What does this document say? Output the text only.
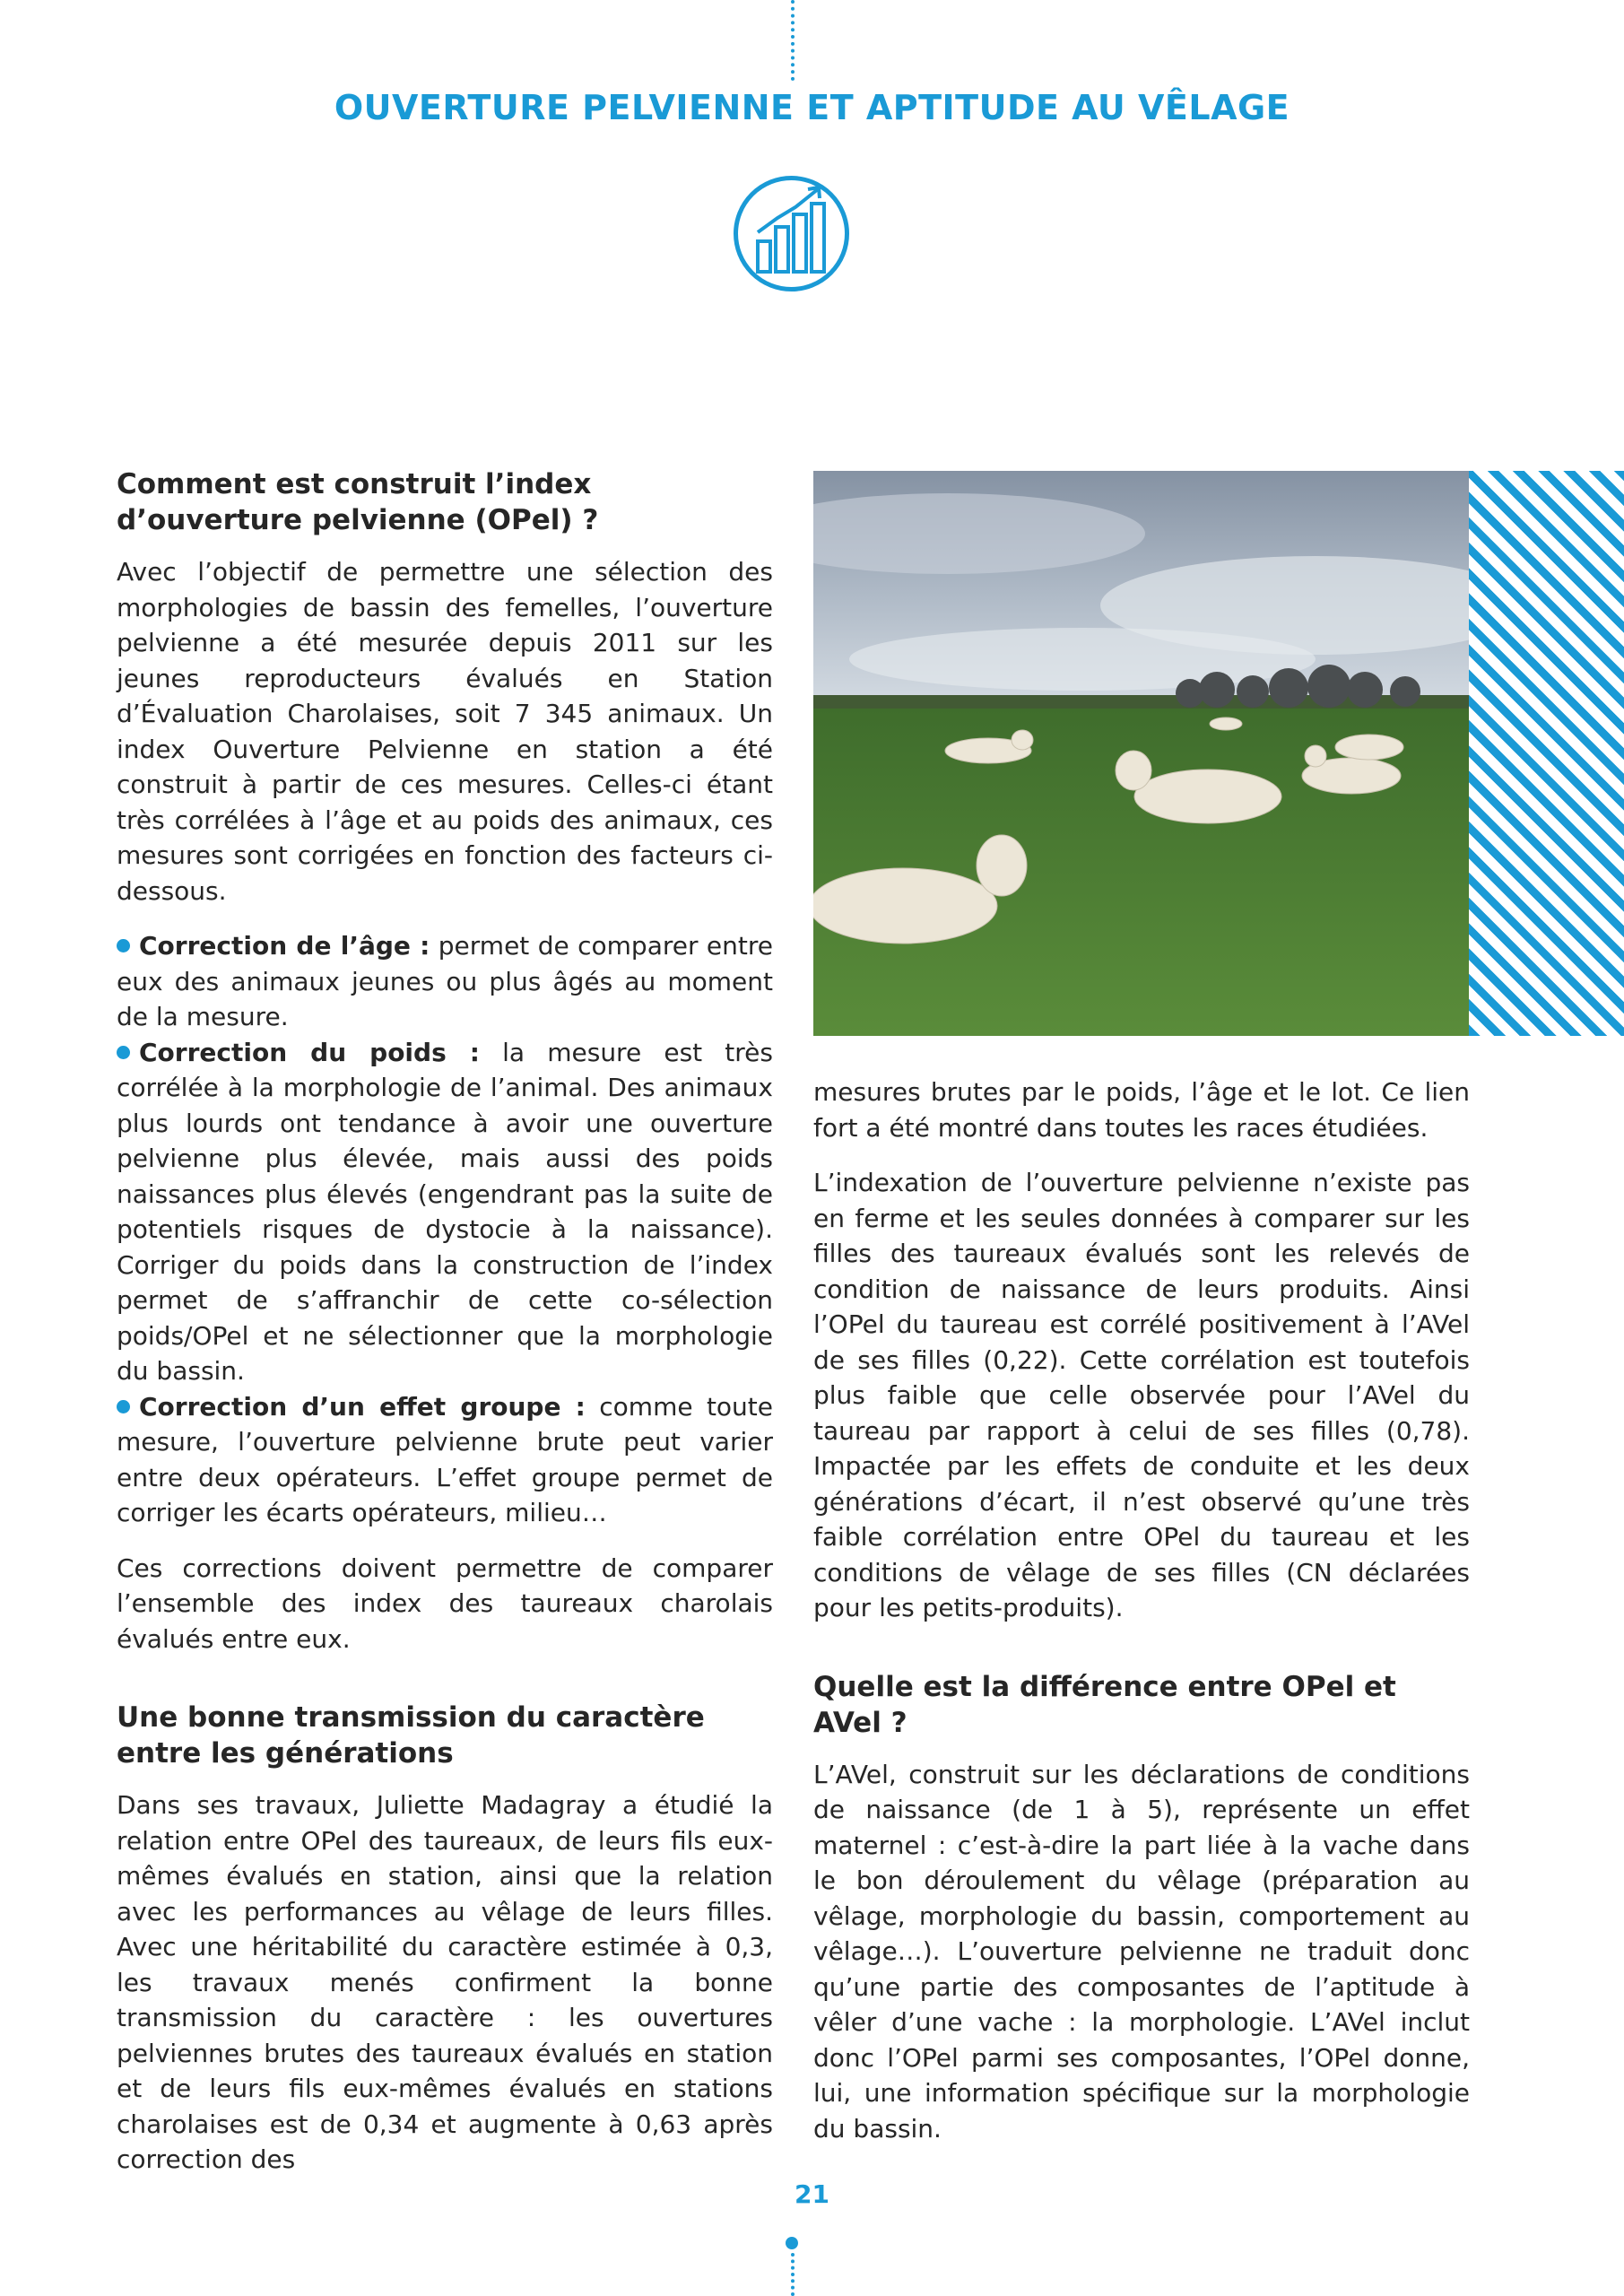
OUVERTURE PELVIENNE ET APTITUDE AU VÊLAGE
Comment est construit l’index d’ouverture pelvienne (OPel) ?

Avec l’objectif de permettre une sélection des morphologies de bassin des femelles, l’ouverture pelvienne a été mesurée depuis 2011 sur les jeunes reproducteurs évalués en Station d’Évaluation Charolaises, soit 7 345 animaux. Un index Ouverture Pelvienne en station a été construit à partir de ces mesures. Celles-ci étant très corrélées à l’âge et au poids des animaux, ces mesures sont corrigées en fonction des facteurs ci-dessous.

Correction de l’âge : permet de comparer entre eux des animaux jeunes ou plus âgés au moment de la mesure.

Correction du poids : la mesure est très corrélée à la morphologie de l’animal. Des animaux plus lourds ont tendance à avoir une ouverture pelvienne plus élevée, mais aussi des poids naissances plus élevés (engendrant pas la suite de potentiels risques de dystocie à la naissance). Corriger du poids dans la construction de l’index permet de s’affranchir de cette co-sélection poids/OPel et ne sélectionner que la morphologie du bassin.

Correction d’un effet groupe : comme toute mesure, l’ouverture pelvienne brute peut varier entre deux opérateurs. L’effet groupe permet de corriger les écarts opérateurs, milieu…

Ces corrections doivent permettre de comparer l’ensemble des index des taureaux charolais évalués entre eux.

Une bonne transmission du caractère entre les générations

Dans ses travaux, Juliette Madagray a étudié la relation entre OPel des taureaux, de leurs fils eux-mêmes évalués en station, ainsi que la relation avec les performances au vêlage de leurs filles. Avec une héritabilité du caractère estimée à 0,3, les travaux menés confirment la bonne transmission du caractère : les ouvertures pelviennes brutes des taureaux évalués en station et de leurs fils eux-mêmes évalués en stations charolaises est de 0,34 et augmente à 0,63 après correction des

mesures brutes par le poids, l’âge et le lot. Ce lien fort a été montré dans toutes les races étudiées.

L’indexation de l’ouverture pelvienne n’existe pas en ferme et les seules données à comparer sur les filles des taureaux évalués sont les relevés de condition de naissance de leurs produits. Ainsi l’OPel du taureau est corrélé positivement à l’AVel de ses filles (0,22). Cette corrélation est toutefois plus faible que celle observée pour l’AVel du taureau par rapport à celui de ses filles (0,78). Impactée par les effets de conduite et les deux générations d’écart, il n’est observé qu’une très faible corrélation entre OPel du taureau et les conditions de vêlage de ses filles (CN déclarées pour les petits-produits).

Quelle est la différence entre OPel et AVel ?

L’AVel, construit sur les déclarations de conditions de naissance (de 1 à 5), représente un effet maternel : c’est-à-dire la part liée à la vache dans le bon déroulement du vêlage (préparation au vêlage, morphologie du bassin, comportement au vêlage…). L’ouverture pelvienne ne traduit donc qu’une partie des composantes de l’aptitude à vêler d’une vache : la morphologie. L’AVel inclut donc l’OPel parmi ses composantes, l’OPel donne, lui, une information spécifique sur la morphologie du bassin.

21
